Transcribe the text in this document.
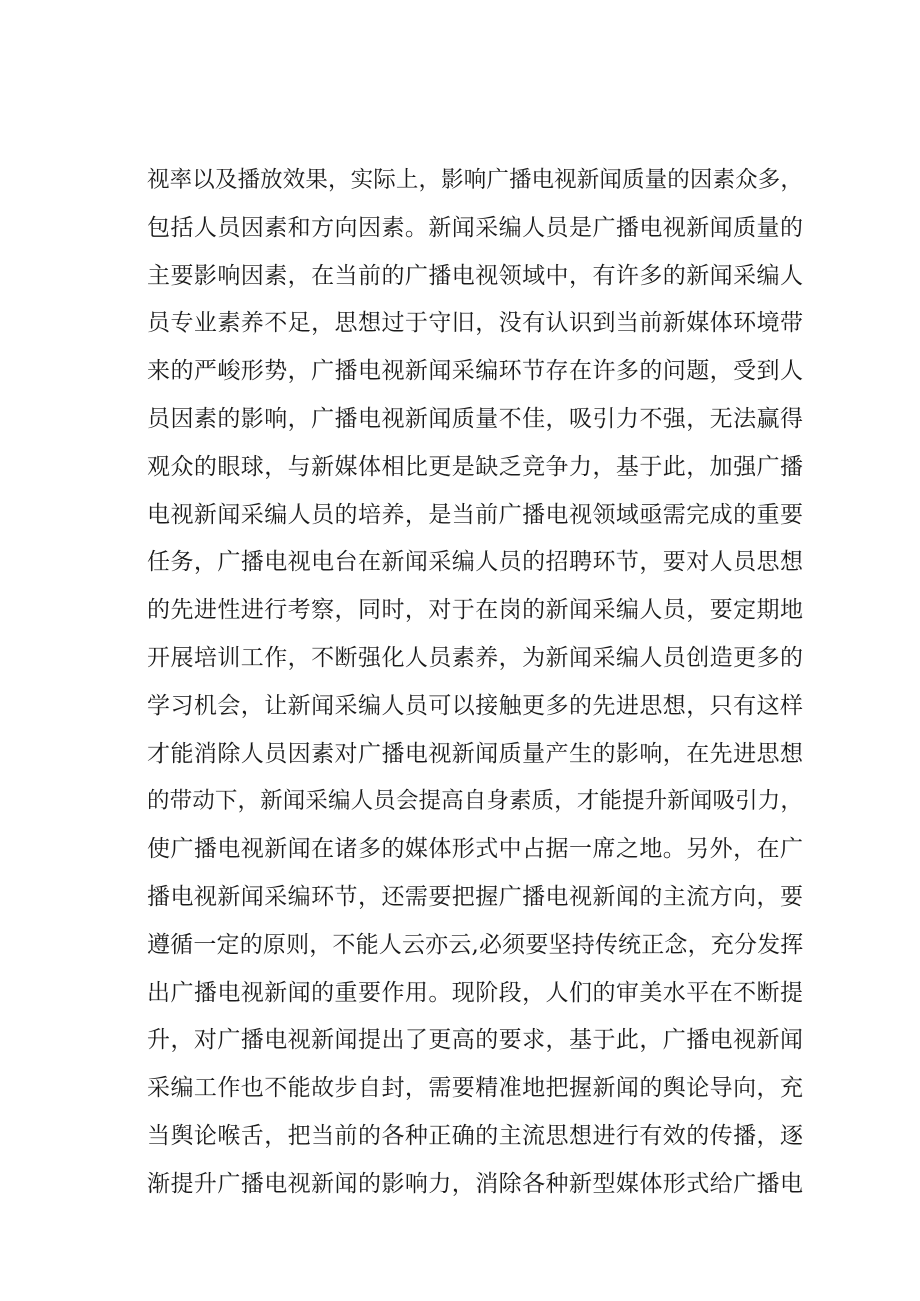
视率以及播放效果，实际上，影响广播电视新闻质量的因素众多，
包括人员因素和方向因素。新闻采编人员是广播电视新闻质量的
主要影响因素，在当前的广播电视领域中，有许多的新闻采编人
员专业素养不足，思想过于守旧，没有认识到当前新媒体环境带
来的严峻形势，广播电视新闻采编环节存在许多的问题，受到人
员因素的影响，广播电视新闻质量不佳，吸引力不强，无法赢得
观众的眼球，与新媒体相比更是缺乏竞争力，基于此，加强广播
电视新闻采编人员的培养，是当前广播电视领域亟需完成的重要
任务，广播电视电台在新闻采编人员的招聘环节，要对人员思想
的先进性进行考察，同时，对于在岗的新闻采编人员，要定期地
开展培训工作，不断强化人员素养，为新闻采编人员创造更多的
学习机会，让新闻采编人员可以接触更多的先进思想，只有这样
才能消除人员因素对广播电视新闻质量产生的影响，在先进思想
的带动下，新闻采编人员会提高自身素质，才能提升新闻吸引力，
使广播电视新闻在诸多的媒体形式中占据一席之地。另外，在广
播电视新闻采编环节，还需要把握广播电视新闻的主流方向，要
遵循一定的原则，不能人云亦云,必须要坚持传统正念，充分发挥
出广播电视新闻的重要作用。现阶段，人们的审美水平在不断提
升，对广播电视新闻提出了更高的要求，基于此，广播电视新闻
采编工作也不能故步自封，需要精准地把握新闻的舆论导向，充
当舆论喉舌，把当前的各种正确的主流思想进行有效的传播，逐
渐提升广播电视新闻的影响力，消除各种新型媒体形式给广播电
